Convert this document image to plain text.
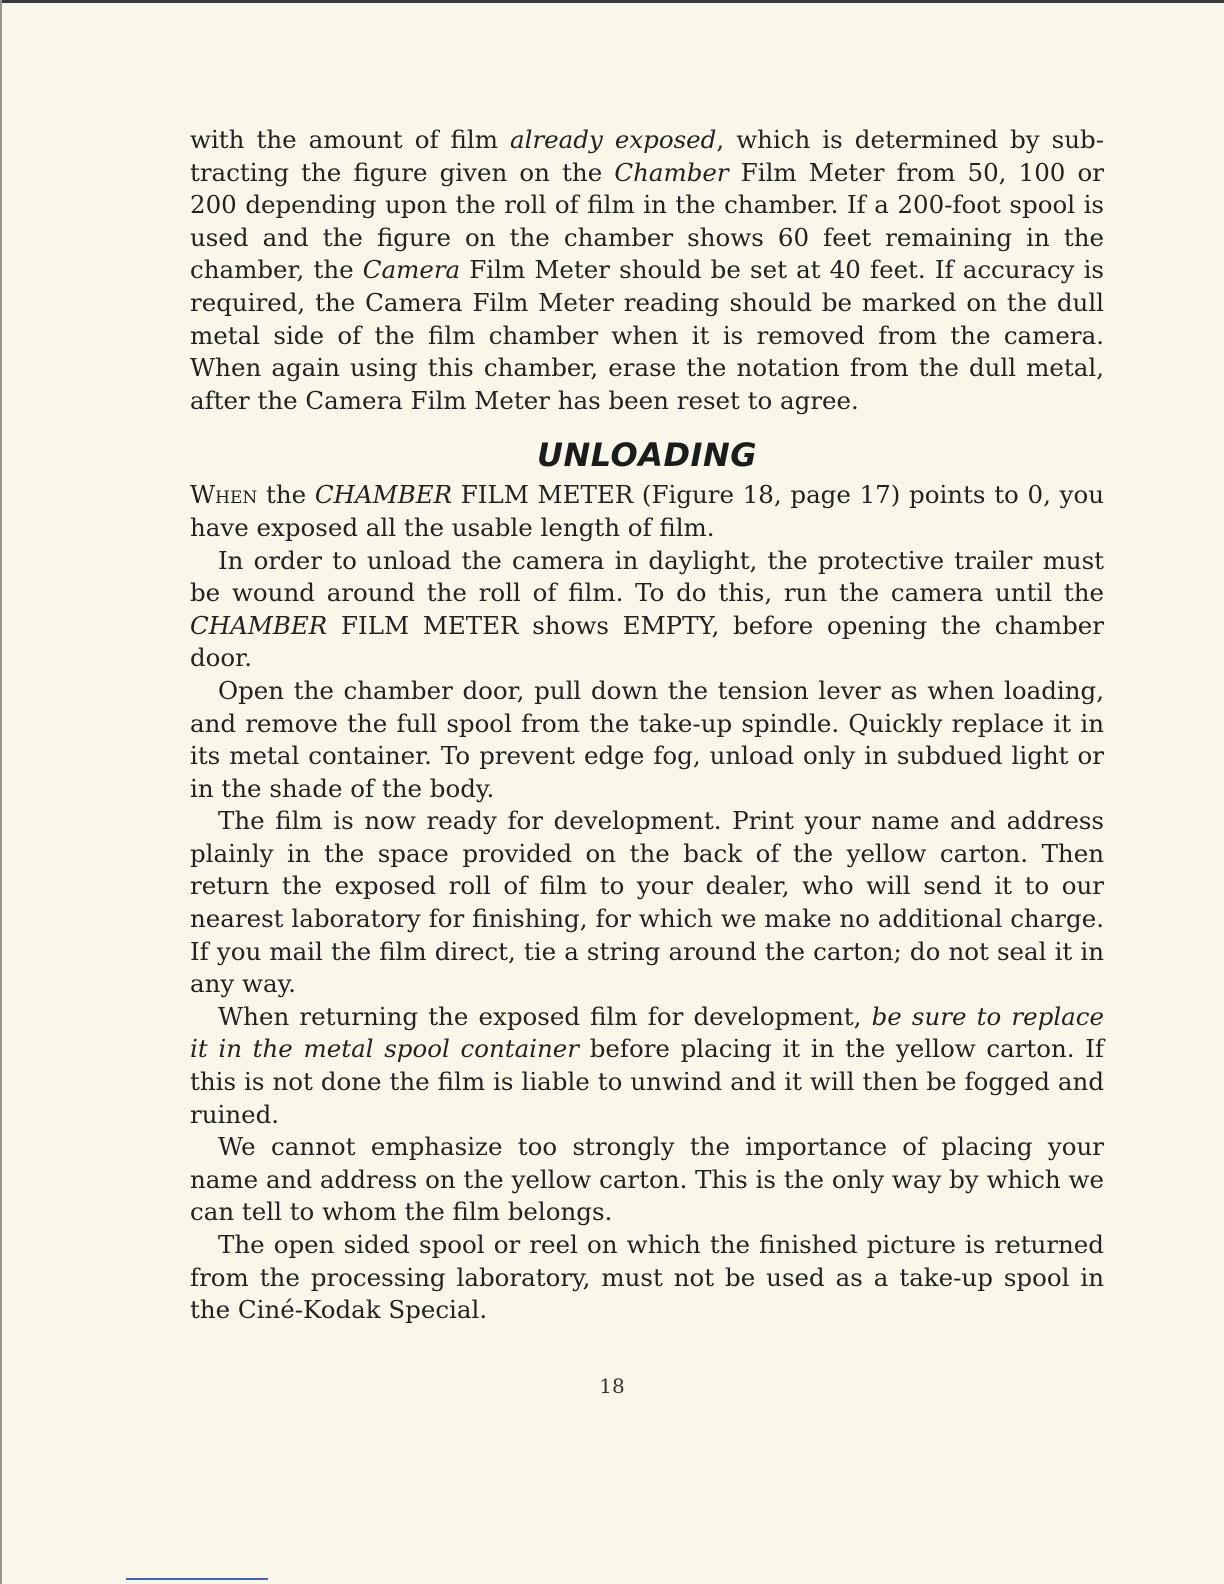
with the amount of film already exposed, which is determined by subtracting the figure given on the Chamber Film Meter from 50, 100 or 200 depending upon the roll of film in the chamber. If a 200-foot spool is used and the figure on the chamber shows 60 feet remaining in the chamber, the Camera Film Meter should be set at 40 feet. If accuracy is required, the Camera Film Meter reading should be marked on the dull metal side of the film chamber when it is removed from the camera. When again using this chamber, erase the notation from the dull metal, after the Camera Film Meter has been reset to agree.

UNLOADING

When the CHAMBER FILM METER (Figure 18, page 17) points to 0, you have exposed all the usable length of film.

In order to unload the camera in daylight, the protective trailer must be wound around the roll of film. To do this, run the camera until the CHAMBER FILM METER shows EMPTY, before opening the chamber door.

Open the chamber door, pull down the tension lever as when loading, and remove the full spool from the take-up spindle. Quickly replace it in its metal container. To prevent edge fog, unload only in subdued light or in the shade of the body.

The film is now ready for development. Print your name and address plainly in the space provided on the back of the yellow carton. Then return the exposed roll of film to your dealer, who will send it to our nearest laboratory for finishing, for which we make no additional charge. If you mail the film direct, tie a string around the carton; do not seal it in any way.

When returning the exposed film for development, be sure to replace it in the metal spool container before placing it in the yellow carton. If this is not done the film is liable to unwind and it will then be fogged and ruined.

We cannot emphasize too strongly the importance of placing your name and address on the yellow carton. This is the only way by which we can tell to whom the film belongs.

The open sided spool or reel on which the finished picture is returned from the processing laboratory, must not be used as a take-up spool in the Ciné-Kodak Special.

18
